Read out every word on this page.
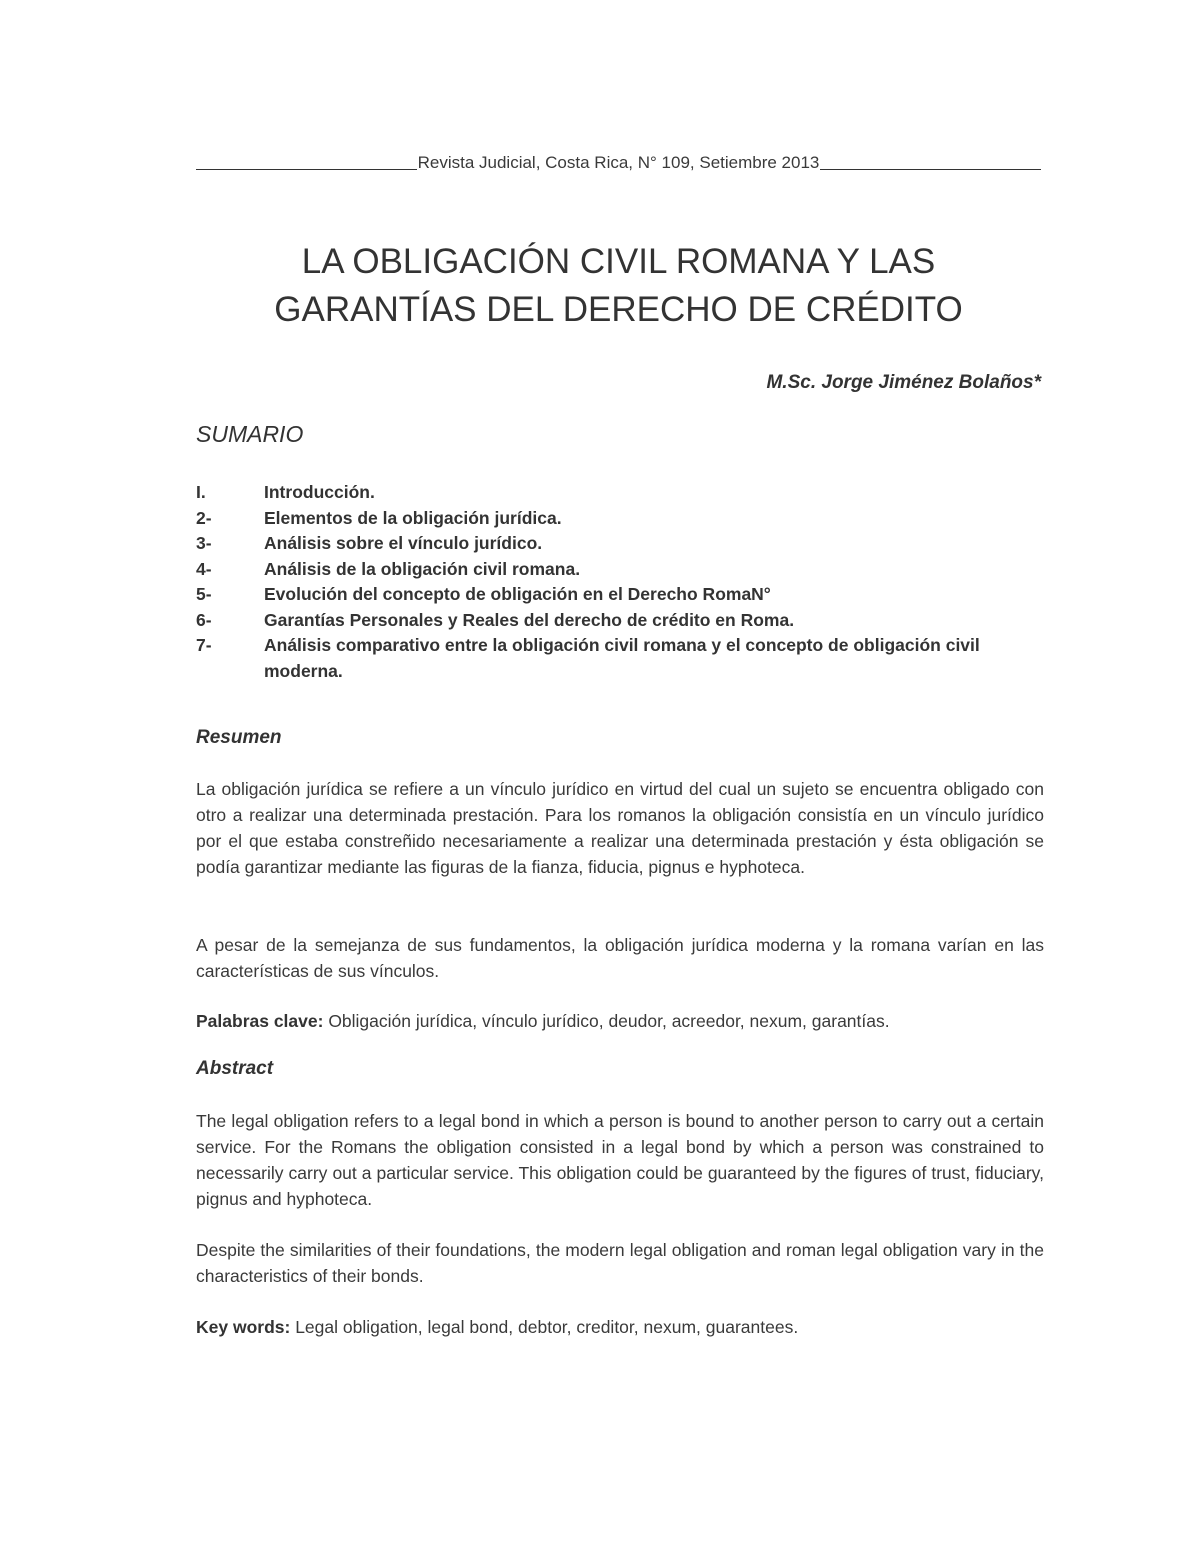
Revista Judicial, Costa Rica, N° 109, Setiembre 2013
LA OBLIGACIÓN CIVIL ROMANA Y LAS
GARANTÍAS DEL DERECHO DE CRÉDITO
M.Sc. Jorge Jiménez Bolaños*
SUMARIO
I.	Introducción.
2-	Elementos de la obligación jurídica.
3-	Análisis sobre el vínculo jurídico.
4-	Análisis de la obligación civil romana.
5-	Evolución del concepto de obligación en el Derecho RomaN°
6-	Garantías Personales y Reales del derecho de crédito en Roma.
7-	Análisis comparativo entre la obligación civil romana y el concepto de obligación civil moderna.
Resumen
La obligación jurídica se refiere a un vínculo jurídico en virtud del cual un sujeto se encuentra obligado con otro a realizar una determinada prestación. Para los romanos la obligación consistía en un vínculo jurídico por el que estaba constreñido necesariamente a realizar una determinada prestación y ésta obligación se podía garantizar mediante las figuras de la fianza, fiducia, pignus e hyphoteca.
A pesar de la semejanza de sus fundamentos, la obligación jurídica moderna y la romana varían en las características de sus vínculos.
Palabras clave: Obligación jurídica, vínculo jurídico, deudor, acreedor, nexum, garantías.
Abstract
The legal obligation refers to a legal bond in which a person is bound to another person to carry out a certain service. For the Romans the obligation consisted in a legal bond by which a person was constrained to necessarily carry out a particular service. This obligation could be guaranteed by the figures of trust, fiduciary, pignus and hyphoteca.
Despite the similarities of their foundations, the modern legal obligation and roman legal obligation vary in the characteristics of their bonds.
Key words: Legal obligation, legal bond, debtor, creditor, nexum, guarantees.
